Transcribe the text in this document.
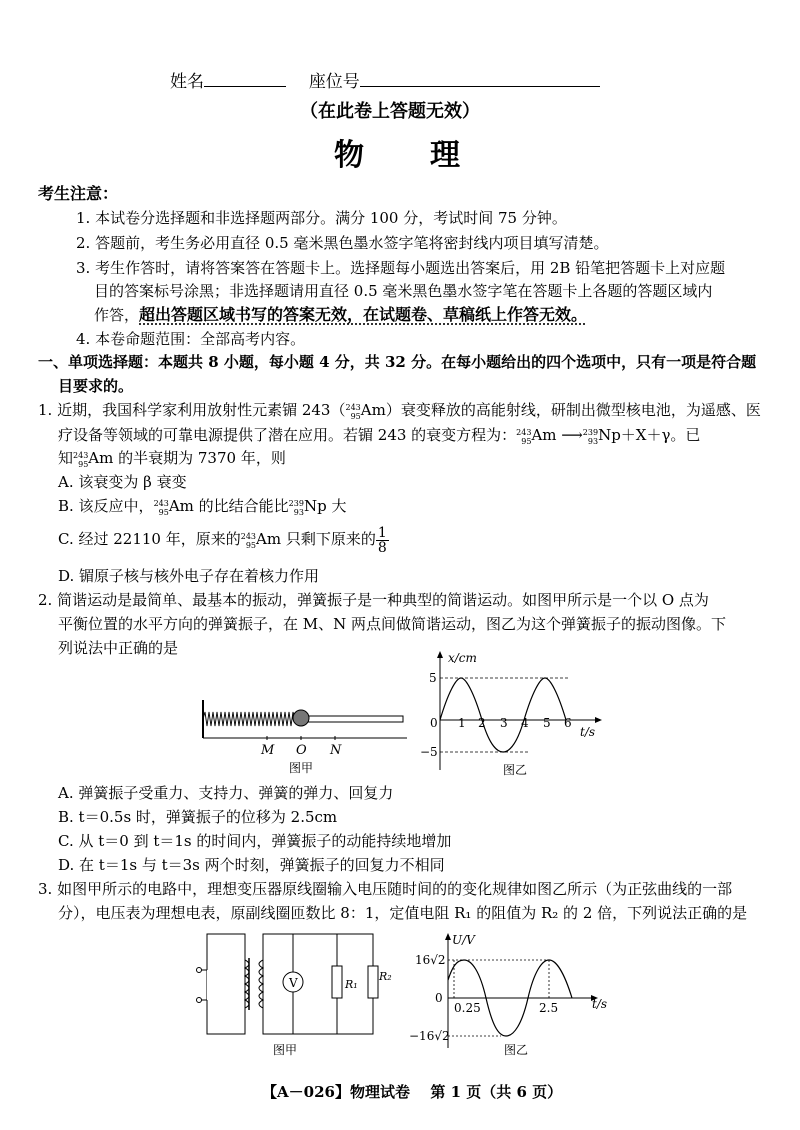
姓名	座位号
（在此卷上答题无效）
物　　理
考生注意：
1. 本试卷分选择题和非选择题两部分。满分 100 分，考试时间 75 分钟。
2. 答题前，考生务必用直径 0.5 毫米黑色墨水签字笔将密封线内项目填写清楚。
3. 考生作答时，请将答案答在答题卡上。选择题每小题选出答案后，用 2B 铅笔把答题卡上对应题
目的答案标号涂黑；非选择题请用直径 0.5 毫米黑色墨水签字笔在答题卡上各题的答题区域内
作答，超出答题区域书写的答案无效，在试题卷、草稿纸上作答无效。
4. 本卷命题范围：全部高考内容。
一、单项选择题：本题共 8 小题，每小题 4 分，共 32 分。在每小题给出的四个选项中，只有一项是符合题
目要求的。
1. 近期，我国科学家利用放射性元素镅 243（ 243
95 Am）衰变释放的高能射线，研制出微型核电池，为遥感、医
疗设备等领域的可靠电源提供了潜在应用。若镅 243 的衰变方程为： 243
95 Am ⟶ 239
93 Np＋X＋γ。已
知 243
95 Am 的半衰期为 7370 年，则
A. 该衰变为 β 衰变
B. 该反应中， 243
95 Am 的比结合能比 239
93 Np 大
C. 经过 22110 年，原来的 243
95 Am 只剩下原来的 $\frac{1}{8}$
D. 镅原子核与核外电子存在着核力作用
2. 简谐运动是最简单、最基本的振动，弹簧振子是一种典型的简谐运动。如图甲所示是一个以 O 点为
平衡位置的水平方向的弹簧振子，在 M、N 两点间做简谐运动，图乙为这个弹簧振子的振动图像。下
列说法中正确的是
M O N
图甲
x/cm
t/s
5
−5
0 1 2 3 4 5 6
图乙
A. 弹簧振子受重力、支持力、弹簧的弹力、回复力
B. t＝0.5s 时，弹簧振子的位移为 2.5cm
C. 从 t＝0 到 t＝1s 的时间内，弹簧振子的动能持续地增加
D. 在 t＝1s 与 t＝3s 两个时刻，弹簧振子的回复力不相同
3. 如图甲所示的电路中，理想变压器原线圈输入电压随时间的的变化规律如图乙所示（为正弦曲线的一部
分），电压表为理想电表，原副线圈匝数比 8：1，定值电阻 R₁ 的阻值为 R₂ 的 2 倍，下列说法正确的是
V	R₁
R₂
图甲
U/V
t/s
16√2
−16√2
0
0.25	2.5
图乙
【A－026】物理试卷 第 1 页（共 6 页）
